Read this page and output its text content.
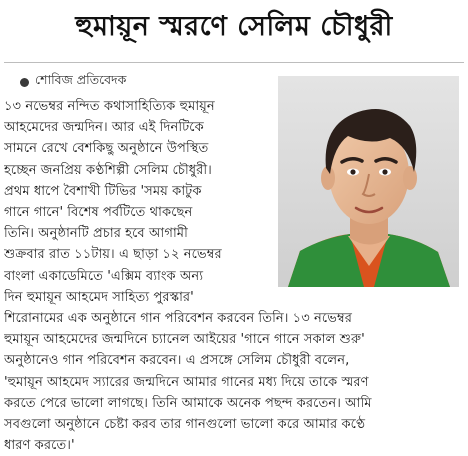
হুমায়ূন স্মরণে সেলিম চৌধুরী
শোবিজ প্রতিবেদক
১৩ নভেম্বর নন্দিত কথাসাহিত্যিক হুমায়ূন
আহমেদের জন্মদিন। আর এই দিনটিকে
সামনে রেখে বেশকিছু অনুষ্ঠানে উপস্থিত
হচ্ছেন জনপ্রিয় কণ্ঠশিল্পী সেলিম চৌধুরী।
প্রথম ধাপে বৈশাখী টিভির 'সময় কাটুক
গানে গানে' বিশেষ পর্বটিতে থাকছেন
তিনি। অনুষ্ঠানটি প্রচার হবে আগামী
শুক্রবার রাত ১১টায়। এ ছাড়া ১২ নভেম্বর
বাংলা একাডেমিতে 'এক্সিম ব্যাংক অন্য
দিন হুমায়ূন আহমেদ সাহিত্য পুরস্কার'
শিরোনামের এক অনুষ্ঠানে গান পরিবেশন করবেন তিনি। ১৩ নভেম্বর
হুমায়ূন আহমেদের জন্মদিনে চ্যানেল আইয়ের 'গানে গানে সকাল শুরু'
অনুষ্ঠানেও গান পরিবেশন করবেন। এ প্রসঙ্গে সেলিম চৌধুরী বলেন,
'হুমায়ূন আহমেদ স্যারের জন্মদিনে আমার গানের মধ্য দিয়ে তাকে স্মরণ
করতে পেরে ভালো লাগছে। তিনি আমাকে অনেক পছন্দ করতেন। আমি
সবগুলো অনুষ্ঠানে চেষ্টা করব তার গানগুলো ভালো করে আমার কণ্ঠে
ধারণ করতে।'
